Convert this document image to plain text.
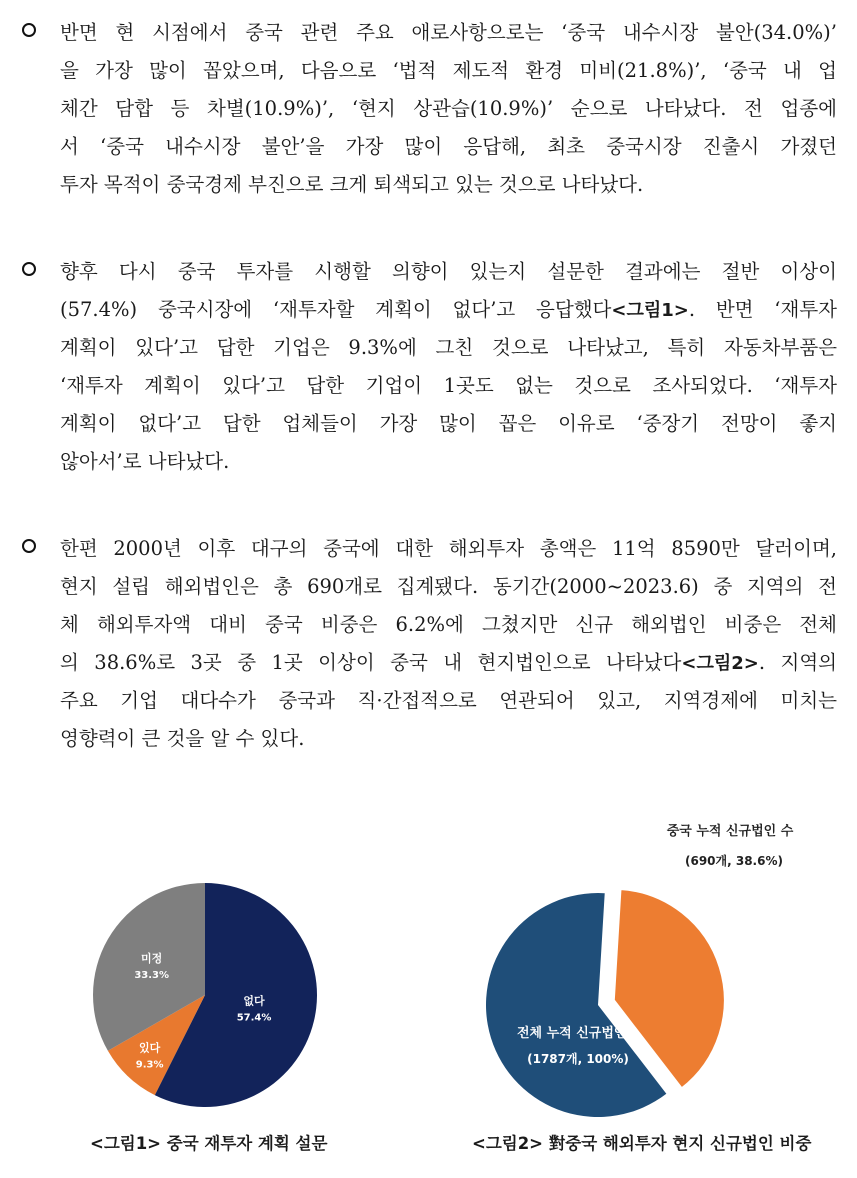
반면 현 시점에서 중국 관련 주요 애로사항으로는 ‘중국 내수시장 불안(34.0%)’
을 가장 많이 꼽았으며, 다음으로 ‘법적 제도적 환경 미비(21.8%)’, ‘중국 내 업
체간 담합 등 차별(10.9%)’, ‘현지 상관습(10.9%)’ 순으로 나타났다. 전 업종에
서 ‘중국 내수시장 불안’을 가장 많이 응답해, 최초 중국시장 진출시 가졌던
투자 목적이 중국경제 부진으로 크게 퇴색되고 있는 것으로 나타났다.
향후 다시 중국 투자를 시행할 의향이 있는지 설문한 결과에는 절반 이상이
(57.4%) 중국시장에 ‘재투자할 계획이 없다’고 응답했다<그림1>. 반면 ‘재투자
계획이 있다’고 답한 기업은 9.3%에 그친 것으로 나타났고, 특히 자동차부품은
‘재투자 계획이 있다’고 답한 기업이 1곳도 없는 것으로 조사되었다. ‘재투자
계획이 없다’고 답한 업체들이 가장 많이 꼽은 이유로 ‘중장기 전망이 좋지
않아서’로 나타났다.
한편 2000년 이후 대구의 중국에 대한 해외투자 총액은 11억 8590만 달러이며,
현지 설립 해외법인은 총 690개로 집계됐다. 동기간(2000~2023.6) 중 지역의 전
체 해외투자액 대비 중국 비중은 6.2%에 그쳤지만 신규 해외법인 비중은 전체
의 38.6%로 3곳 중 1곳 이상이 중국 내 현지법인으로 나타났다<그림2>. 지역의
주요 기업 대다수가 중국과 직·간접적으로 연관되어 있고, 지역경제에 미치는
영향력이 큰 것을 알 수 있다.
없다
57.4%
있다
9.3%
미정
33.3%
<그림1> 중국 재투자 계획 설문
중국 누적 신규법인 수
(690개, 38.6%)
전체 누적 신규법인수
(1787개, 100%)
<그림2> 對중국 해외투자 현지 신규법인 비중
